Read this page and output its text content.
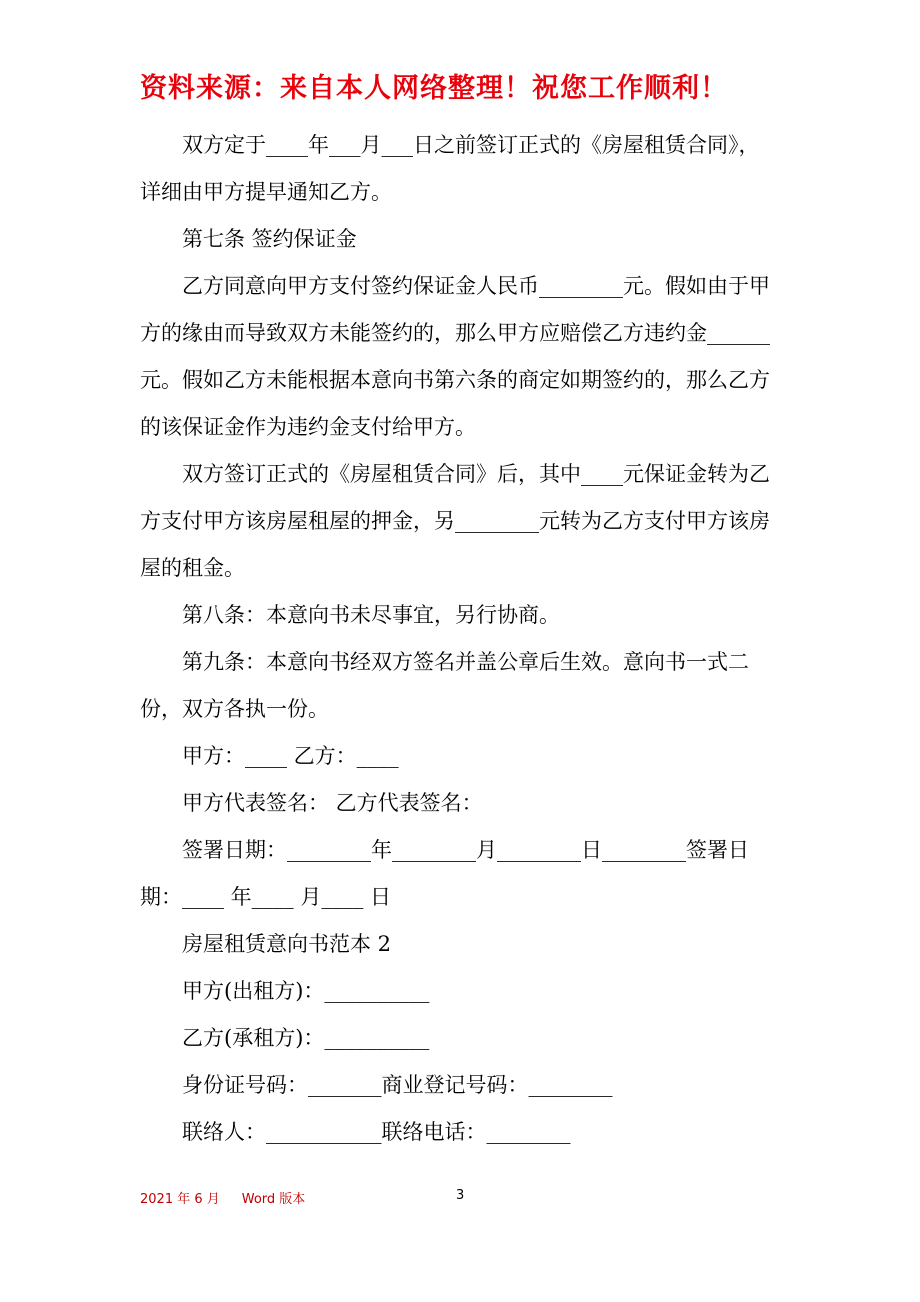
资料来源：来自本人网络整理！祝您工作顺利！

双方定于____年___月___日之前签订正式的《房屋租赁合同》，详细由甲方提早通知乙方。

第七条 签约保证金

乙方同意向甲方支付签约保证金人民币________元。假如由于甲方的缘由而导致双方未能签约的，那么甲方应赔偿乙方违约金______元。假如乙方未能根据本意向书第六条的商定如期签约的，那么乙方的该保证金作为违约金支付给甲方。

双方签订正式的《房屋租赁合同》后，其中____元保证金转为乙方支付甲方该房屋租屋的押金，另________元转为乙方支付甲方该房屋的租金。

第八条：本意向书未尽事宜，另行协商。

第九条：本意向书经双方签名并盖公章后生效。意向书一式二份，双方各执一份。

甲方：____ 乙方：____

甲方代表签名： 乙方代表签名：

签署日期：________年________月________日________签署日期：____ 年____ 月____ 日

房屋租赁意向书范本 2

甲方(出租方)：__________

乙方(承租方)：__________

身份证号码：_______商业登记号码：________

联络人：___________联络电话：________

2021 年 6 月 Word 版本	3
